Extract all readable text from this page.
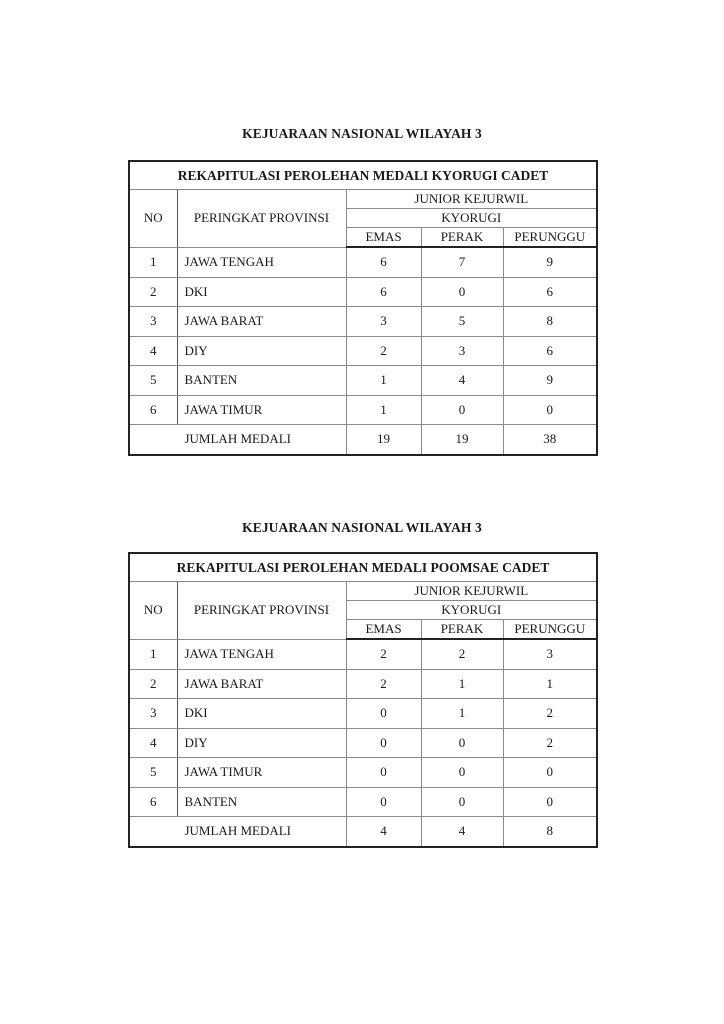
KEJUARAAN NASIONAL WILAYAH 3
REKAPITULASI PEROLEHAN MEDALI KYORUGI CADET				
NO	PERINGKAT PROVINSI	JUNIOR KEJURWIL		
		KYORUGI		
		EMAS	PERAK	PERUNGGU
1	JAWA TENGAH	6	7	9
2	DKI	6	0	6
3	JAWA BARAT	3	5	8
4	DIY	2	3	6
5	BANTEN	1	4	9
6	JAWA TIMUR	1	0	0
JUMLAH MEDALI		19	19	38
KEJUARAAN NASIONAL WILAYAH 3
REKAPITULASI PEROLEHAN MEDALI POOMSAE CADET				
NO	PERINGKAT PROVINSI	JUNIOR KEJURWIL		
		KYORUGI		
		EMAS	PERAK	PERUNGGU
1	JAWA TENGAH	2	2	3
2	JAWA BARAT	2	1	1
3	DKI	0	1	2
4	DIY	0	0	2
5	JAWA TIMUR	0	0	0
6	BANTEN	0	0	0
JUMLAH MEDALI		4	4	8
